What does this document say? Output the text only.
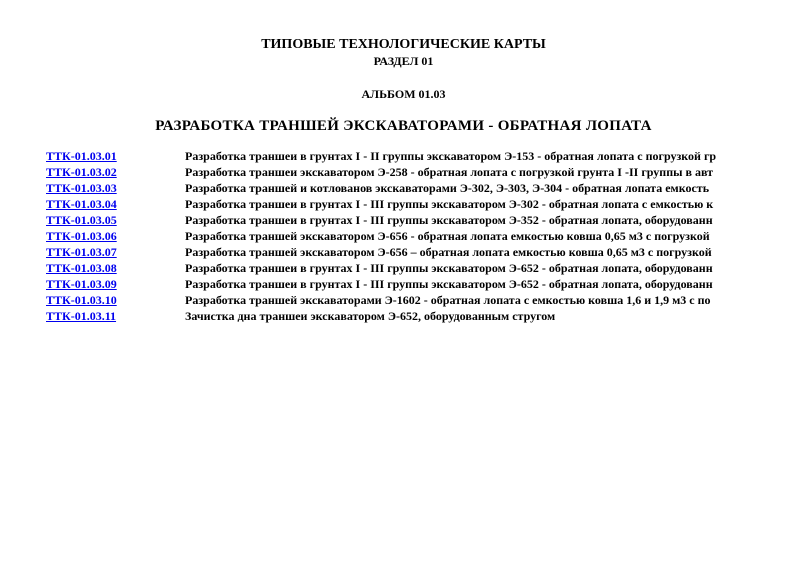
ТИПОВЫЕ ТЕХНОЛОГИЧЕСКИЕ КАРТЫ
РАЗДЕЛ 01
АЛЬБОМ 01.03
РАЗРАБОТКА ТРАНШЕЙ ЭКСКАВАТОРАМИ - ОБРАТНАЯ ЛОПАТА
ТТК-01.03.01	Разработка траншеи в грунтах I - II группы экскаватором Э-153 - обратная лопата с погрузкой гр
ТТК-01.03.02	Разработка траншеи экскаватором Э-258 - обратная лопата с погрузкой грунта I -II группы в авт
ТТК-01.03.03	Разработка траншей и котлованов экскаваторами Э-302, Э-303, Э-304 - обратная лопата емкость
ТТК-01.03.04	Разработка траншеи в грунтах I - III группы экскаватором Э-302 - обратная лопата с емкостью к
ТТК-01.03.05	Разработка траншеи в грунтах I - III группы экскаватором Э-352 - обратная лопата, оборудованн
ТТК-01.03.06	Разработка траншей экскаватором Э-656 - обратная лопата емкостью ковша 0,65 м3 с погрузкой
ТТК-01.03.07	Разработка траншей экскаватором Э-656 – обратная лопата емкостью ковша 0,65 м3 с погрузкой
ТТК-01.03.08	Разработка траншеи в грунтах I - III группы экскаватором Э-652 - обратная лопата, оборудованн
ТТК-01.03.09	Разработка траншеи в грунтах I - III группы экскаватором Э-652 - обратная лопата, оборудованн
ТТК-01.03.10	Разработка траншей экскаваторами Э-1602 - обратная лопата с емкостью ковша 1,6 и 1,9 м3 с по
ТТК-01.03.11	Зачистка дна траншеи экскаватором Э-652, оборудованным стругом
